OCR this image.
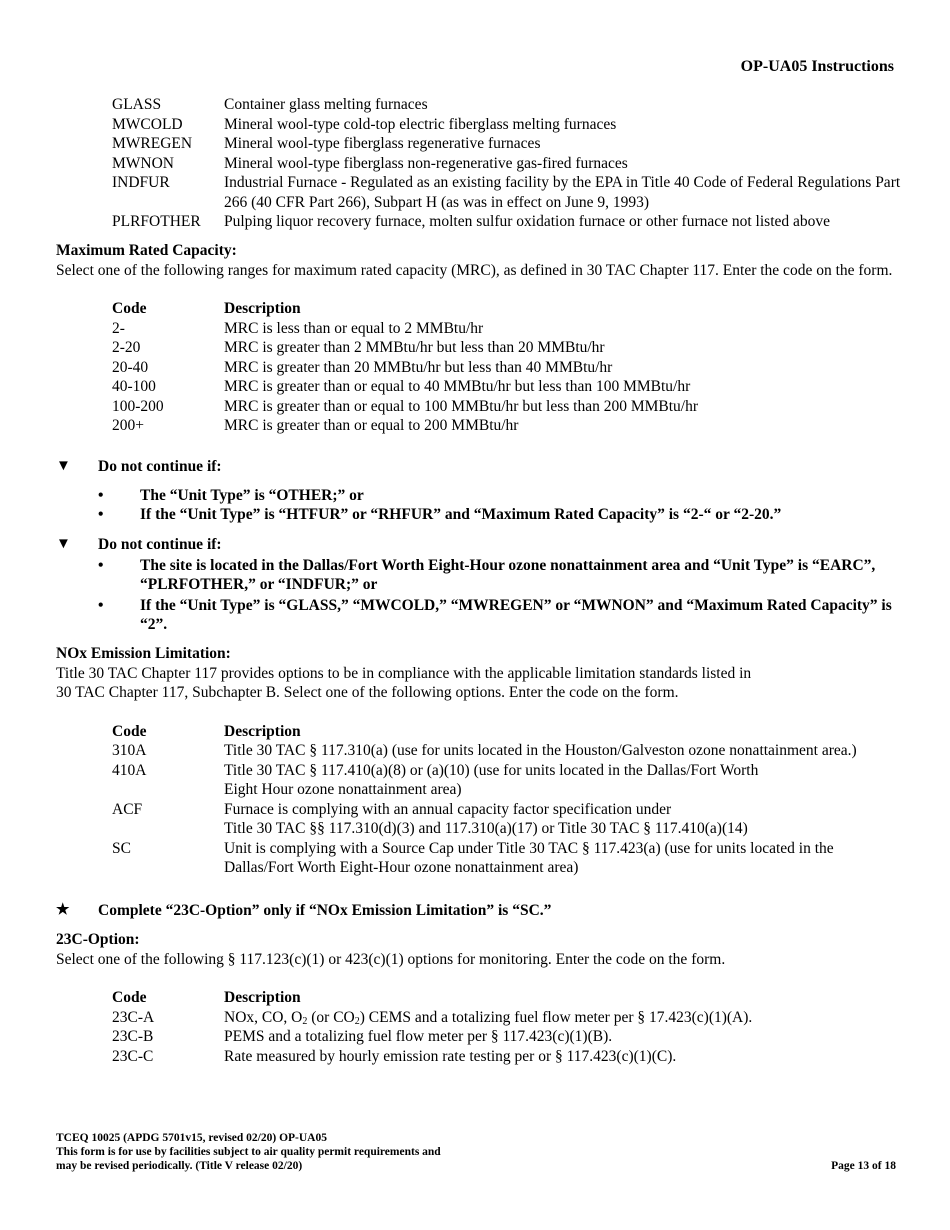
OP-UA05 Instructions
GLASS	Container glass melting furnaces
MWCOLD	Mineral wool-type cold-top electric fiberglass melting furnaces
MWREGEN	Mineral wool-type fiberglass regenerative furnaces
MWNON	Mineral wool-type fiberglass non-regenerative gas-fired furnaces
INDFUR	Industrial Furnace - Regulated as an existing facility by the EPA in Title 40 Code of Federal Regulations Part 266 (40 CFR Part 266), Subpart H (as was in effect on June 9, 1993)
PLRFOTHER	Pulping liquor recovery furnace, molten sulfur oxidation furnace or other furnace not listed above
Maximum Rated Capacity:
Select one of the following ranges for maximum rated capacity (MRC), as defined in 30 TAC Chapter 117. Enter the code on the form.
Code	Description
2-	MRC is less than or equal to 2 MMBtu/hr
2-20	MRC is greater than 2 MMBtu/hr but less than 20 MMBtu/hr
20-40	MRC is greater than 20 MMBtu/hr but less than 40 MMBtu/hr
40-100	MRC is greater than or equal to 40 MMBtu/hr but less than 100 MMBtu/hr
100-200	MRC is greater than or equal to 100 MMBtu/hr but less than 200 MMBtu/hr
200+	MRC is greater than or equal to 200 MMBtu/hr
▼	Do not continue if:
•	The “Unit Type” is “OTHER;” or
•	If the “Unit Type” is “HTFUR” or “RHFUR” and “Maximum Rated Capacity” is “2-“ or “2-20.”
▼	Do not continue if:
•	The site is located in the Dallas/Fort Worth Eight-Hour ozone nonattainment area and “Unit Type” is “EARC”, “PLRFOTHER,” or “INDFUR;” or
•	If the “Unit Type” is “GLASS,” “MWCOLD,” “MWREGEN” or “MWNON” and “Maximum Rated Capacity” is “2”.
NOx Emission Limitation:
Title 30 TAC Chapter 117 provides options to be in compliance with the applicable limitation standards listed in
30 TAC Chapter 117, Subchapter B. Select one of the following options. Enter the code on the form.
Code	Description
310A	Title 30 TAC § 117.310(a) (use for units located in the Houston/Galveston ozone nonattainment area.)
410A	Title 30 TAC § 117.410(a)(8) or (a)(10) (use for units located in the Dallas/Fort Worth
Eight Hour ozone nonattainment area)
ACF	Furnace is complying with an annual capacity factor specification under
Title 30 TAC §§ 117.310(d)(3) and 117.310(a)(17) or Title 30 TAC § 117.410(a)(14)
SC	Unit is complying with a Source Cap under Title 30 TAC § 117.423(a) (use for units located in the Dallas/Fort Worth Eight-Hour ozone nonattainment area)
★	Complete “23C-Option” only if “NOx Emission Limitation” is “SC.”
23C-Option:
Select one of the following § 117.123(c)(1) or 423(c)(1) options for monitoring. Enter the code on the form.
Code	Description
23C-A	NOx, CO, $O_2$ (or $CO_2$) CEMS and a totalizing fuel flow meter per § 17.423(c)(1)(A).
23C-B	PEMS and a totalizing fuel flow meter per § 117.423(c)(1)(B).
23C-C	Rate measured by hourly emission rate testing per or § 117.423(c)(1)(C).
TCEQ 10025 (APDG 5701v15, revised 02/20) OP-UA05
This form is for use by facilities subject to air quality permit requirements and
may be revised periodically. (Title V release 02/20)	Page 13 of 18
